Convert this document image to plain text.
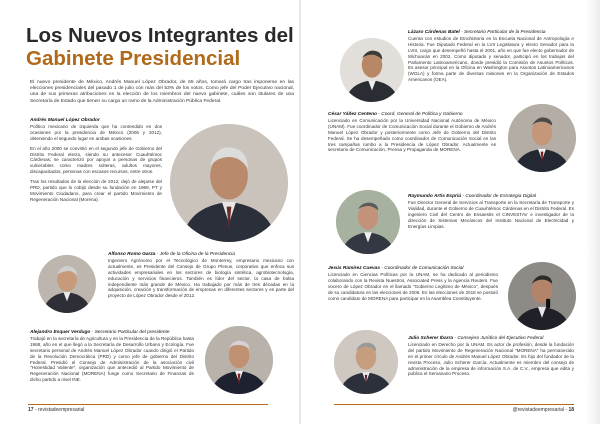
Los Nuevos Integrantes del
Gabinete Presidencial

El nuevo presidente de México, Andrés Manuel López Obrador, de 65 años, tomará cargo tras imponerse en las elecciones presidenciales del pasado 1 de julio con más del 53% de los votos. Como jefe del Poder Ejecutivo nacional, una de sus primeras atribuciones es la elección de los miembros del nuevo gabinete, cuáles son titulares de una Secretaría de Estado que tienen su cargo un ramo de la Administración Pública Federal.

Andrés Manuel López Obrador

Político mexicano de izquierda que ha contendido en dos ocasiones por la presidencia de México (2006 y 2012), obteniendo el segundo lugar en ambas ocasiones.

En el año 2000 se convirtió en el segundo jefe de Gobierno del Distrito Federal electo, siendo su antecesor Cuauhtémoc Cárdenas; se caracterizó por apoyar a personas de grupos vulnerables como madres solteras, adultos mayores, discapacitados, personas con escasos recursos, entre otros.

Tras los resultados de la elección de 2012, dejó de alejarse del PRD, partido que lo cobijó desde su fundación en 1989, PT y Movimiento Ciudadano, para crear el partido Movimiento de Regeneración Nacional (Morena).

Alfonso Romo Garza - Jefe de la Oficina de la Presidencia

Ingeniero Agrónomo por el Tecnológico de Monterrey, empresario mexicano con actualmente, es Presidente del Consejo de Grupo Plenus, corporativo que enfoca sus actividades empresariales en los sectores de biología sintética, agrobiotecnología, educación y servicios financieros. También es líder del sector, la casa de bolsa independiente más grande de México. Ha trabajado por más de tres décadas en la adquisición, creación y transformación de empresas en diferentes sectores y es parte del proyecto de López Obrador desde el 2012.

Alejandro Esquer Verdugo - Secretario Particular del presidente

Trabajó en la secretaría de Agricultura y en la Presidencia de la República hasta 1988, año en el que llegó a la Secretaría de Desarrollo Urbano y Ecología. Fue secretario personal de Andrés Manuel López Obrador cuando dirigió el Partido de la Revolución Democrática (PRD) y como jefe de gobierno del Distrito Federal. Presidió el Consejo de Administración de la asociación civil "Honestidad Valiente", organización que antecedió al Partido Movimiento de Regeneración Nacional (MORENA) funge como Secretario de Finanzas de dicho partido a nivel INE.

17 - revistadeempresarial
Lázaro Cárdenas Batel - Secretario Particular de la Presidencia

Cuenta con estudios de Etnohistoria en la Escuela Nacional de Antropología e Historia. Fue Diputado Federal en la LVII Legislatura y electo Senador para la LVIII, cargo que desempeñó hasta el 2001, año en que fue electo gobernador de Michoacán en 2002. Como diputado y senador, participó en los trabajos del Parlamento Latinoamericano, donde presidió la Comisión de Asuntos Políticos. Es asesor principal en la Oficina en Washington para Asuntos Latinoamericanos (WOLA) y forma parte de diversas misiones en la Organización de Estados Americanos (OEA).

César Yáñez Centeno - Coord. General de Política y Gobierno

Licenciado en Comunicación por la Universidad Nacional Autónoma de México (UNAM). Fue coordinador de Comunicación Social durante el Gobierno de Andrés Manuel López Obrador y posteriormente como Jefe de Gobierno del Distrito Federal. Se ha desempeñado como coordinador de Comunicación Social en las tres campañas rumbo a la Presidencia de López Obrador. Actualmente es secretario de Comunicación, Prensa y Propaganda de MORENA.

Raymundo Artis Espriú - Coordinador de Estrategia Digital

Fue Director General de Servicios al Transporte en la Secretaría de Transporte y Vialidad, durante el Gobierno de Cuauhtémoc Cárdenas en el Distrito Federal. Es ingeniero Civil del Centro de Ensaestis el CINVESTAV e investigador de la dirección de Sistemas Mecánicos del Instituto Nacional de Electricidad y Energías Limpias.

Jesús Ramírez Cuevas - Coordinador de Comunicación Social

Licenciado en Ciencias Políticas por la UNAM, se ha dedicado al periodismo colaborando con la Revista Nuestros, Associated Press y la Agencia Reuters. Fue vocero de López Obrador en el llamado "Gobierno Legítimo de México", después de su candidatura en las elecciones de 2006. En las elecciones de 2018 se postuló como candidato de MORENA para participar en la Asamblea Constituyente.

Julio Scherer Ibarra - Consejero Jurídico del Ejecutivo Federal

Licenciado en Derecho por la UNAM. Es actor de profesión, desde la fundación del partido Movimiento de Regeneración Nacional "MORENA" ha permanecido en el primer círculo de Andrés Manuel López Obrador. Es hijo del fundador de la revista Proceso, Julio Scherer García. Actualmente es miembro del consejo de administración de la empresa de información S.A. de C.V., empresa que edita y publica el Semanario Proceso.

@revistadeempresarial - 18
